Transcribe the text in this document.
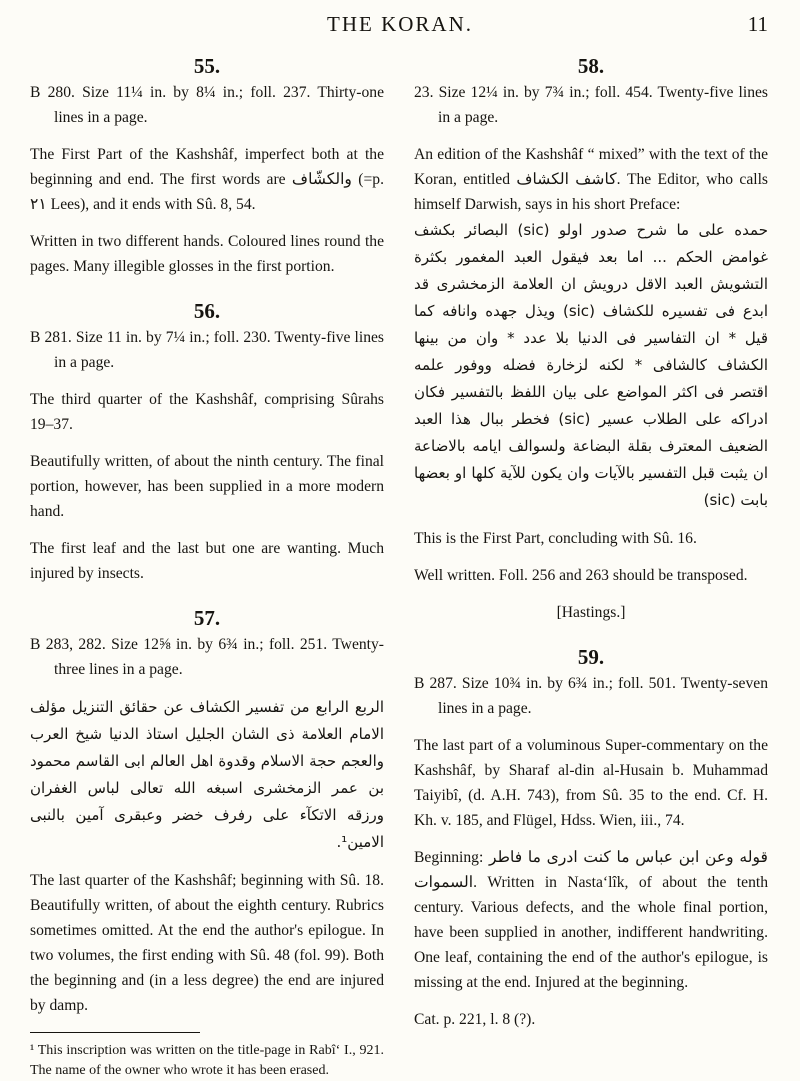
THE KORAN.	11

55.

B 280. Size 11¼ in. by 8¼ in.; foll. 237. Thirty-one lines in a page.

The First Part of the Kashshâf, imperfect both at the beginning and end. The first words are والكشّاف (=p. ٢١ Lees), and it ends with Sû. 8, 54.

Written in two different hands. Coloured lines round the pages. Many illegible glosses in the first portion.

56.

B 281. Size 11 in. by 7¼ in.; foll. 230. Twenty-five lines in a page.

The third quarter of the Kashshâf, comprising Sûrahs 19–37.

Beautifully written, of about the ninth century. The final portion, however, has been supplied in a more modern hand.

The first leaf and the last but one are wanting. Much injured by insects.

57.

B 283, 282. Size 12⅝ in. by 6¾ in.; foll. 251. Twenty-three lines in a page.

الربع الرابع من تفسير الكشاف عن حقائق التنزيل مؤلف الامام العلامة ذى الشان الجليل استاذ الدنيا شيخ العرب والعجم حجة الاسلام وقدوة اهل العالم ابى القاسم محمود بن عمر الزمخشرى اسبغه الله تعالى لباس الغفران ورزقه الاتكآء على رفرف خضر وعبقرى آمين بالنبى الامين¹.

The last quarter of the Kashshâf; beginning with Sû. 18. Beautifully written, of about the eighth century. Rubrics sometimes omitted. At the end the author's epilogue. In two volumes, the first ending with Sû. 48 (fol. 99). Both the beginning and (in a less degree) the end are injured by damp.

¹ This inscription was written on the title-page in Rabî‘ I., 921. The name of the owner who wrote it has been erased.

58.

23. Size 12¼ in. by 7¾ in.; foll. 454. Twenty-five lines in a page.

An edition of the Kashshâf “ mixed” with the text of the Koran, entitled كاشف الكشاف. The Editor, who calls himself Darwish, says in his short Preface:

حمده على ما شرح صدور اولو (sic) البصائر بكشف غوامض الحكم ... اما بعد فيقول العبد المغمور بكثرة التشويش العبد الاقل درويش ان العلامة الزمخشرى قد ابدع فى تفسيره للكشاف (sic) ويذل جهده وانافه كما قيل * ان التفاسير فى الدنيا بلا عدد * وان من بينها الكشاف كالشافى * لكنه لزخارة فضله ووفور علمه اقتصر فى اكثر المواضع على بيان اللفظ بالتفسير فكان ادراكه على الطلاب عسير (sic) فخطر ببال هذا العبد الضعيف المعترف بقلة البضاعة ولسوالف ايامه بالاضاعة ان يثبت قبل التفسير بالآيات وان يكون للآية كلها او بعضها بابت (sic)

This is the First Part, concluding with Sû. 16.

Well written. Foll. 256 and 263 should be transposed.

[Hastings.]

59.

B 287. Size 10¾ in. by 6¾ in.; foll. 501. Twenty-seven lines in a page.

The last part of a voluminous Super-commentary on the Kashshâf, by Sharaf al-din al-Husain b. Muhammad Taiyibî, (d. A.H. 743), from Sû. 35 to the end. Cf. H. Kh. v. 185, and Flügel, Hdss. Wien, iii., 74.

Beginning: قوله وعن ابن عباس ما كنت ادرى ما فاطر السموات. Written in Nasta‘lîk, of about the tenth century. Various defects, and the whole final portion, have been supplied in another, indifferent handwriting. One leaf, containing the end of the author's epilogue, is missing at the end. Injured at the beginning.

Cat. p. 221, l. 8 (?).
